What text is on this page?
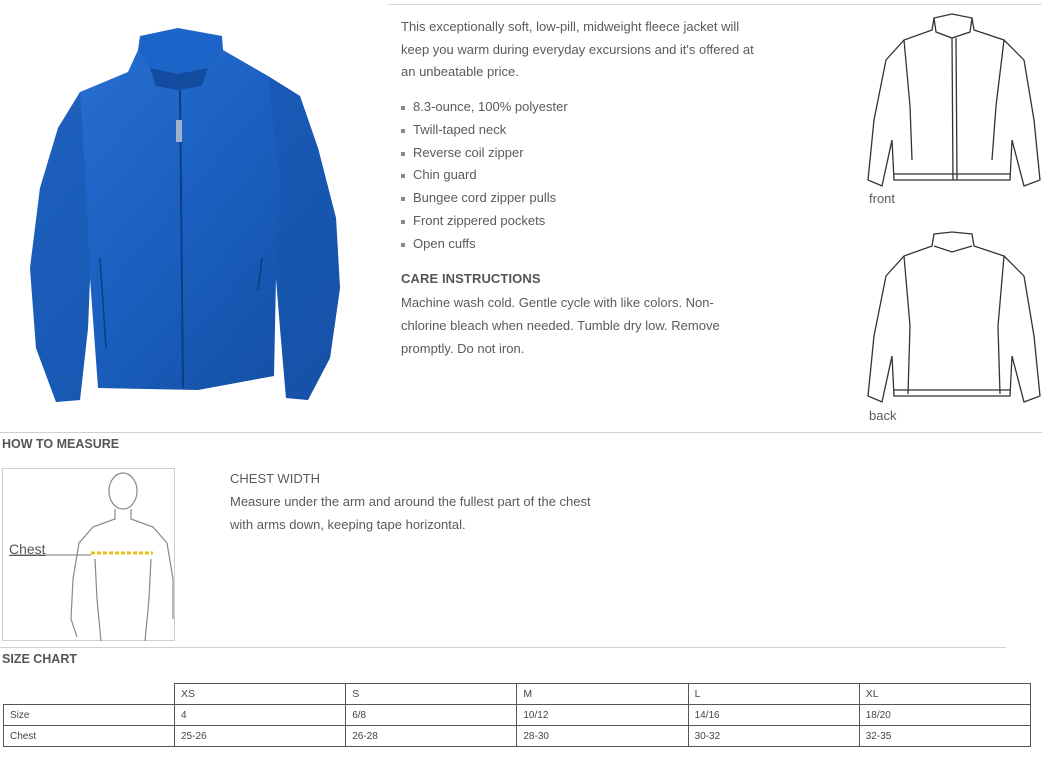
This exceptionally soft, low-pill, midweight fleece jacket will keep you warm during everyday excursions and it's offered at an unbeatable price.
8.3-ounce, 100% polyester
Twill-taped neck
Reverse coil zipper
Chin guard
Bungee cord zipper pulls
Front zippered pockets
Open cuffs
CARE INSTRUCTIONS
Machine wash cold. Gentle cycle with like colors. Non-chlorine bleach when needed. Tumble dry low. Remove promptly. Do not iron.
front
back
HOW TO MEASURE
Chest
CHEST WIDTH
Measure under the arm and around the fullest part of the chest with arms down, keeping tape horizontal.
SIZE CHART
	XS	S	M	L	XL
Size	4	6/8	10/12	14/16	18/20
Chest	25-26	26-28	28-30	30-32	32-35
